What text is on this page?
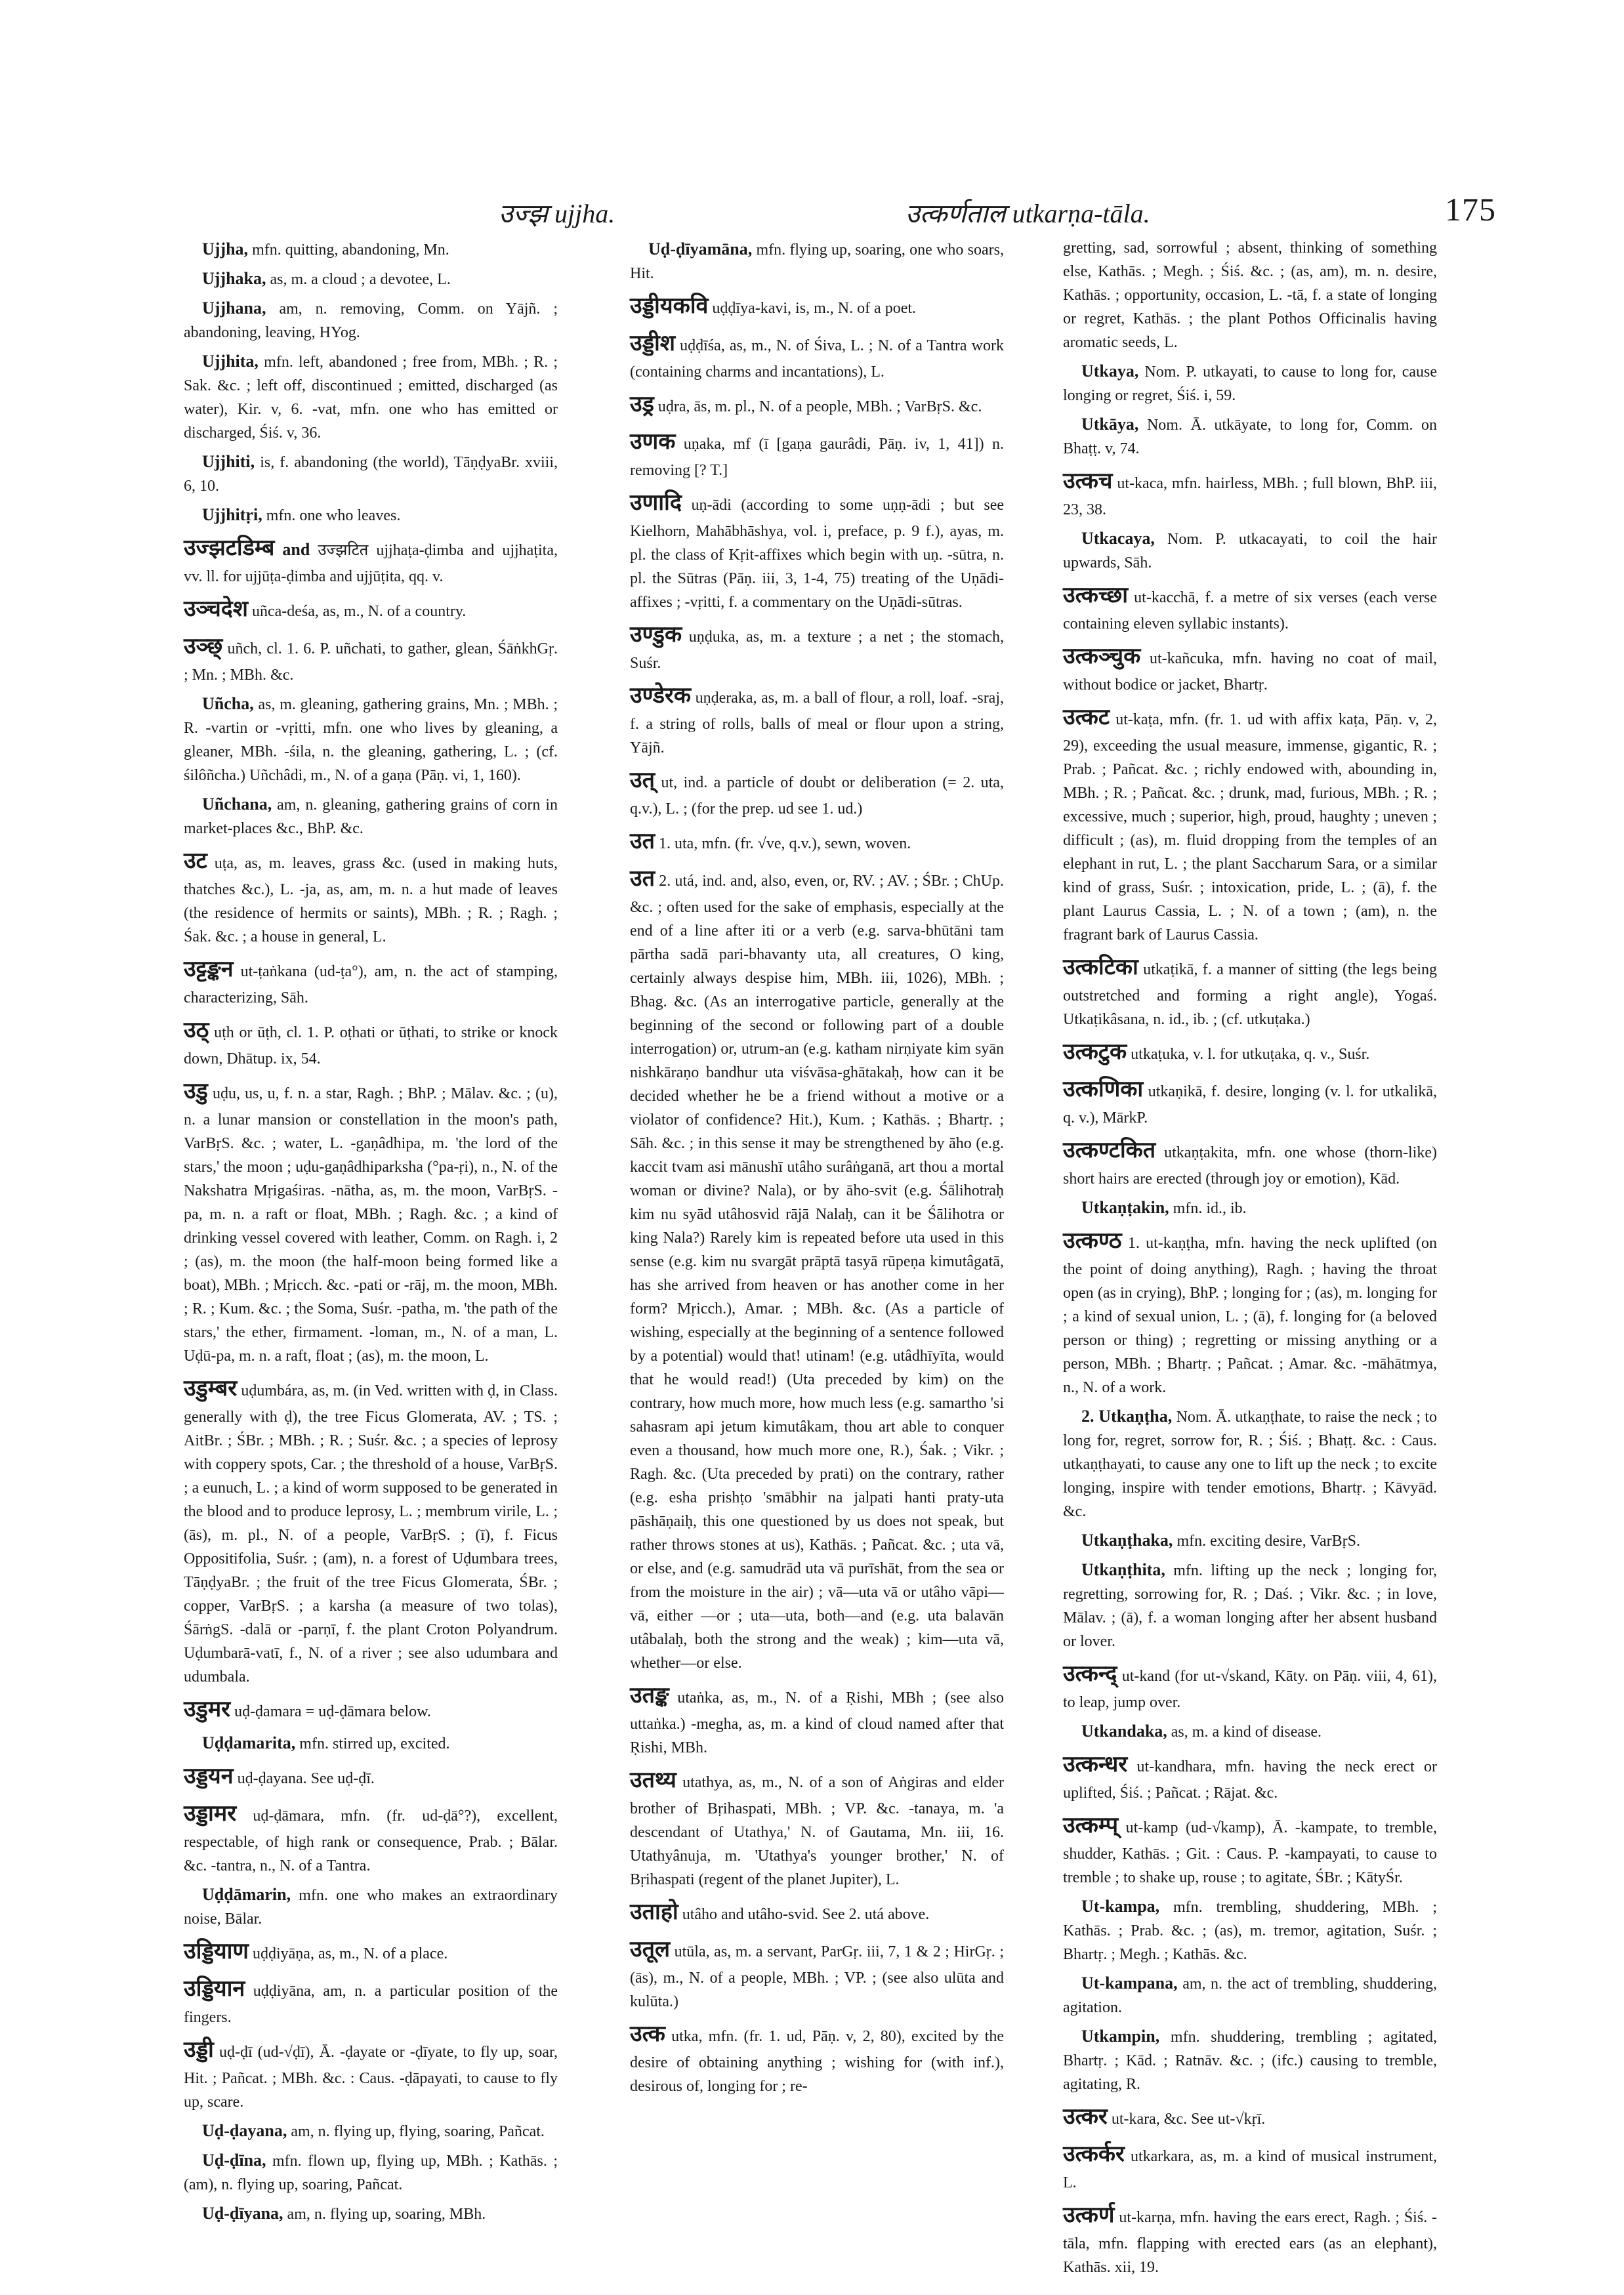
उज्झ ujjha.	उत्कर्णताल utkarṇa-tāla.	175

Ujjha, mfn. quitting, abandoning, Mn.

Ujjhaka, as, m. a cloud ; a devotee, L.

Ujjhana, am, n. removing, Comm. on Yājñ. ; abandoning, leaving, HYog.

Ujjhita, mfn. left, abandoned ; free from, MBh. ; R. ; Sak. &c. ; left off, discontinued ; emitted, discharged (as water), Kir. v, 6. -vat, mfn. one who has emitted or discharged, Śiś. v, 36.

Ujjhiti, is, f. abandoning (the world), TāṇḍyaBr. xviii, 6, 10.

Ujjhitṛi, mfn. one who leaves.

उज्झटडिम्ब and उज्झटित ujjhaṭa-ḍimba and ujjhaṭita, vv. ll. for ujjūṭa-ḍimba and ujjūṭita, qq. v.

उञ्चदेश uñca-deśa, as, m., N. of a country.

उञ्छ् uñch, cl. 1. 6. P. uñchati, to gather, glean, ŚāṅkhGṛ. ; Mn. ; MBh. &c.

Uñcha, as, m. gleaning, gathering grains, Mn. ; MBh. ; R. -vartin or -vṛitti, mfn. one who lives by gleaning, a gleaner, MBh. -śila, n. the gleaning, gathering, L. ; (cf. śilôñcha.) Uñchâdi, m., N. of a gaṇa (Pāṇ. vi, 1, 160).

Uñchana, am, n. gleaning, gathering grains of corn in market-places &c., BhP. &c.

उट uṭa, as, m. leaves, grass &c. (used in making huts, thatches &c.), L. -ja, as, am, m. n. a hut made of leaves (the residence of hermits or saints), MBh. ; R. ; Ragh. ; Śak. &c. ; a house in general, L.

उट्टङ्कन ut-ṭaṅkana (ud-ṭa°), am, n. the act of stamping, characterizing, Sāh.

उठ् uṭh or ūṭh, cl. 1. P. oṭhati or ūṭhati, to strike or knock down, Dhātup. ix, 54.

उडु uḍu, us, u, f. n. a star, Ragh. ; BhP. ; Mālav. &c. ; (u), n. a lunar mansion or constellation in the moon's path, VarBṛS. &c. ; water, L. -gaṇâdhipa, m. 'the lord of the stars,' the moon ; uḍu-gaṇâdhiparksha (°pa-ṛi), n., N. of the Nakshatra Mṛigaśiras. -nātha, as, m. the moon, VarBṛS. -pa, m. n. a raft or float, MBh. ; Ragh. &c. ; a kind of drinking vessel covered with leather, Comm. on Ragh. i, 2 ; (as), m. the moon (the half-moon being formed like a boat), MBh. ; Mṛicch. &c. -pati or -rāj, m. the moon, MBh. ; R. ; Kum. &c. ; the Soma, Suśr. -patha, m. 'the path of the stars,' the ether, firmament. -loman, m., N. of a man, L. Uḍū-pa, m. n. a raft, float ; (as), m. the moon, L.

उडुम्बर uḍumbára, as, m. (in Ved. written with ḍ, in Class. generally with ḍ), the tree Ficus Glomerata, AV. ; TS. ; AitBr. ; ŚBr. ; MBh. ; R. ; Suśr. &c. ; a species of leprosy with coppery spots, Car. ; the threshold of a house, VarBṛS. ; a eunuch, L. ; a kind of worm supposed to be generated in the blood and to produce leprosy, L. ; membrum virile, L. ; (ās), m. pl., N. of a people, VarBṛS. ; (ī), f. Ficus Oppositifolia, Suśr. ; (am), n. a forest of Uḍumbara trees, TāṇḍyaBr. ; the fruit of the tree Ficus Glomerata, ŚBr. ; copper, VarBṛS. ; a karsha (a measure of two tolas), ŚārṅgS. -dalā or -parṇī, f. the plant Croton Polyandrum. Uḍumbarā-vatī, f., N. of a river ; see also udumbara and udumbala.

उडुमर uḍ-ḍamara = uḍ-ḍāmara below.

Uḍḍamarita, mfn. stirred up, excited.

उड्डयन uḍ-ḍayana. See uḍ-ḍī.

उड्डामर uḍ-ḍāmara, mfn. (fr. ud-ḍā°?), excellent, respectable, of high rank or consequence, Prab. ; Bālar. &c. -tantra, n., N. of a Tantra.

Uḍḍāmarin, mfn. one who makes an extraordinary noise, Bālar.

उड्डियाण uḍḍiyāṇa, as, m., N. of a place.

उड्डियान uḍḍiyāna, am, n. a particular position of the fingers.

उड्डी uḍ-ḍī (ud-√ḍī), Ā. -ḍayate or -ḍīyate, to fly up, soar, Hit. ; Pañcat. ; MBh. &c. : Caus. -ḍāpayati, to cause to fly up, scare.

Uḍ-ḍayana, am, n. flying up, flying, soaring, Pañcat.

Uḍ-ḍīna, mfn. flown up, flying up, MBh. ; Kathās. ; (am), n. flying up, soaring, Pañcat.

Uḍ-ḍīyana, am, n. flying up, soaring, MBh.

Uḍ-ḍīyamāna, mfn. flying up, soaring, one who soars, Hit.

उड्डीयकवि uḍḍīya-kavi, is, m., N. of a poet.

उड्डीश uḍḍīśa, as, m., N. of Śiva, L. ; N. of a Tantra work (containing charms and incantations), L.

उड्र uḍra, ās, m. pl., N. of a people, MBh. ; VarBṛS. &c.

उणक uṇaka, mf (ī [gaṇa gaurâdi, Pāṇ. iv, 1, 41]) n. removing [? T.]

उणादि uṇ-ādi (according to some uṇṇ-ādi ; but see Kielhorn, Mahābhāshya, vol. i, preface, p. 9 f.), ayas, m. pl. the class of Kṛit-affixes which begin with uṇ. -sūtra, n. pl. the Sūtras (Pāṇ. iii, 3, 1-4, 75) treating of the Uṇādi-affixes ; -vṛitti, f. a commentary on the Uṇādi-sūtras.

उण्डुक uṇḍuka, as, m. a texture ; a net ; the stomach, Suśr.

उण्डेरक uṇḍeraka, as, m. a ball of flour, a roll, loaf. -sraj, f. a string of rolls, balls of meal or flour upon a string, Yājñ.

उत् ut, ind. a particle of doubt or deliberation (= 2. uta, q.v.), L. ; (for the prep. ud see 1. ud.)

उत 1. uta, mfn. (fr. √ve, q.v.), sewn, woven.

उत 2. utá, ind. and, also, even, or, RV. ; AV. ; ŚBr. ; ChUp. &c. ; often used for the sake of emphasis, especially at the end of a line after iti or a verb (e.g. sarva-bhūtāni tam pārtha sadā pari-bhavanty uta, all creatures, O king, certainly always despise him, MBh. iii, 1026), MBh. ; Bhag. &c. (As an interrogative particle, generally at the beginning of the second or following part of a double interrogation) or, utrum-an (e.g. katham nirṇiyate kim syān nishkāraṇo bandhur uta viśvāsa-ghātakaḥ, how can it be decided whether he be a friend without a motive or a violator of confidence? Hit.), Kum. ; Kathās. ; Bhartṛ. ; Sāh. &c. ; in this sense it may be strengthened by āho (e.g. kaccit tvam asi mānushī utâho surâṅganā, art thou a mortal woman or divine? Nala), or by āho-svit (e.g. Śālihotraḥ kim nu syād utâhosvid rājā Nalaḥ, can it be Śālihotra or king Nala?) Rarely kim is repeated before uta used in this sense (e.g. kim nu svargāt prāptā tasyā rūpeṇa kimutâgatā, has she arrived from heaven or has another come in her form? Mṛicch.), Amar. ; MBh. &c. (As a particle of wishing, especially at the beginning of a sentence followed by a potential) would that! utinam! (e.g. utâdhīyīta, would that he would read!) (Uta preceded by kim) on the contrary, how much more, how much less (e.g. samartho 'si sahasram api jetum kimutâkam, thou art able to conquer even a thousand, how much more one, R.), Śak. ; Vikr. ; Ragh. &c. (Uta preceded by prati) on the contrary, rather (e.g. esha prishṭo 'smābhir na jalpati hanti praty-uta pāshāṇaiḥ, this one questioned by us does not speak, but rather throws stones at us), Kathās. ; Pañcat. &c. ; uta vā, or else, and (e.g. samudrād uta vā purīshāt, from the sea or from the moisture in the air) ; vā—uta vā or utâho vāpi—vā, either —or ; uta—uta, both—and (e.g. uta balavān utâbalaḥ, both the strong and the weak) ; kim—uta vā, whether—or else.

उतङ्क utaṅka, as, m., N. of a Ṛishi, MBh ; (see also uttaṅka.) -megha, as, m. a kind of cloud named after that Ṛishi, MBh.

उतथ्य utathya, as, m., N. of a son of Aṅgiras and elder brother of Bṛihaspati, MBh. ; VP. &c. -tanaya, m. 'a descendant of Utathya,' N. of Gautama, Mn. iii, 16. Utathyânuja, m. 'Utathya's younger brother,' N. of Bṛihaspati (regent of the planet Jupiter), L.

उताहो utâho and utâho-svid. See 2. utá above.

उतूल utūla, as, m. a servant, ParGṛ. iii, 7, 1 & 2 ; HirGṛ. ; (ās), m., N. of a people, MBh. ; VP. ; (see also ulūta and kulūta.)

उत्क utka, mfn. (fr. 1. ud, Pāṇ. v, 2, 80), excited by the desire of obtaining anything ; wishing for (with inf.), desirous of, longing for ; re-

gretting, sad, sorrowful ; absent, thinking of something else, Kathās. ; Megh. ; Śiś. &c. ; (as, am), m. n. desire, Kathās. ; opportunity, occasion, L. -tā, f. a state of longing or regret, Kathās. ; the plant Pothos Officinalis having aromatic seeds, L.

Utkaya, Nom. P. utkayati, to cause to long for, cause longing or regret, Śiś. i, 59.

Utkāya, Nom. Ā. utkāyate, to long for, Comm. on Bhaṭṭ. v, 74.

उत्कच ut-kaca, mfn. hairless, MBh. ; full blown, BhP. iii, 23, 38.

Utkacaya, Nom. P. utkacayati, to coil the hair upwards, Sāh.

उत्कच्छा ut-kacchā, f. a metre of six verses (each verse containing eleven syllabic instants).

उत्कञ्चुक ut-kañcuka, mfn. having no coat of mail, without bodice or jacket, Bhartṛ.

उत्कट ut-kaṭa, mfn. (fr. 1. ud with affix kaṭa, Pāṇ. v, 2, 29), exceeding the usual measure, immense, gigantic, R. ; Prab. ; Pañcat. &c. ; richly endowed with, abounding in, MBh. ; R. ; Pañcat. &c. ; drunk, mad, furious, MBh. ; R. ; excessive, much ; superior, high, proud, haughty ; uneven ; difficult ; (as), m. fluid dropping from the temples of an elephant in rut, L. ; the plant Saccharum Sara, or a similar kind of grass, Suśr. ; intoxication, pride, L. ; (ā), f. the plant Laurus Cassia, L. ; N. of a town ; (am), n. the fragrant bark of Laurus Cassia.

उत्कटिका utkaṭikā, f. a manner of sitting (the legs being outstretched and forming a right angle), Yogaś. Utkaṭikâsana, n. id., ib. ; (cf. utkuṭaka.)

उत्कटुक utkaṭuka, v. l. for utkuṭaka, q. v., Suśr.

उत्कणिका utkaṇikā, f. desire, longing (v. l. for utkalikā, q. v.), MārkP.

उत्कण्टकित utkaṇṭakita, mfn. one whose (thorn-like) short hairs are erected (through joy or emotion), Kād.

Utkaṇṭakin, mfn. id., ib.

उत्कण्ठ 1. ut-kaṇṭha, mfn. having the neck uplifted (on the point of doing anything), Ragh. ; having the throat open (as in crying), BhP. ; longing for ; (as), m. longing for ; a kind of sexual union, L. ; (ā), f. longing for (a beloved person or thing) ; regretting or missing anything or a person, MBh. ; Bhartṛ. ; Pañcat. ; Amar. &c. -māhātmya, n., N. of a work.

2. Utkaṇṭha, Nom. Ā. utkaṇṭhate, to raise the neck ; to long for, regret, sorrow for, R. ; Śiś. ; Bhaṭṭ. &c. : Caus. utkaṇṭhayati, to cause any one to lift up the neck ; to excite longing, inspire with tender emotions, Bhartṛ. ; Kāvyād. &c.

Utkaṇṭhaka, mfn. exciting desire, VarBṛS.

Utkaṇṭhita, mfn. lifting up the neck ; longing for, regretting, sorrowing for, R. ; Daś. ; Vikr. &c. ; in love, Mālav. ; (ā), f. a woman longing after her absent husband or lover.

उत्कन्द् ut-kand (for ut-√skand, Kāty. on Pāṇ. viii, 4, 61), to leap, jump over.

Utkandaka, as, m. a kind of disease.

उत्कन्धर ut-kandhara, mfn. having the neck erect or uplifted, Śiś. ; Pañcat. ; Rājat. &c.

उत्कम्प् ut-kamp (ud-√kamp), Ā. -kampate, to tremble, shudder, Kathās. ; Git. : Caus. P. -kampayati, to cause to tremble ; to shake up, rouse ; to agitate, ŚBr. ; KātyŚr.

Ut-kampa, mfn. trembling, shuddering, MBh. ; Kathās. ; Prab. &c. ; (as), m. tremor, agitation, Suśr. ; Bhartṛ. ; Megh. ; Kathās. &c.

Ut-kampana, am, n. the act of trembling, shuddering, agitation.

Utkampin, mfn. shuddering, trembling ; agitated, Bhartṛ. ; Kād. ; Ratnāv. &c. ; (ifc.) causing to tremble, agitating, R.

उत्कर ut-kara, &c. See ut-√kṛī.

उत्कर्कर utkarkara, as, m. a kind of musical instrument, L.

उत्कर्ण ut-karṇa, mfn. having the ears erect, Ragh. ; Śiś. -tāla, mfn. flapping with erected ears (as an elephant), Kathās. xii, 19.
